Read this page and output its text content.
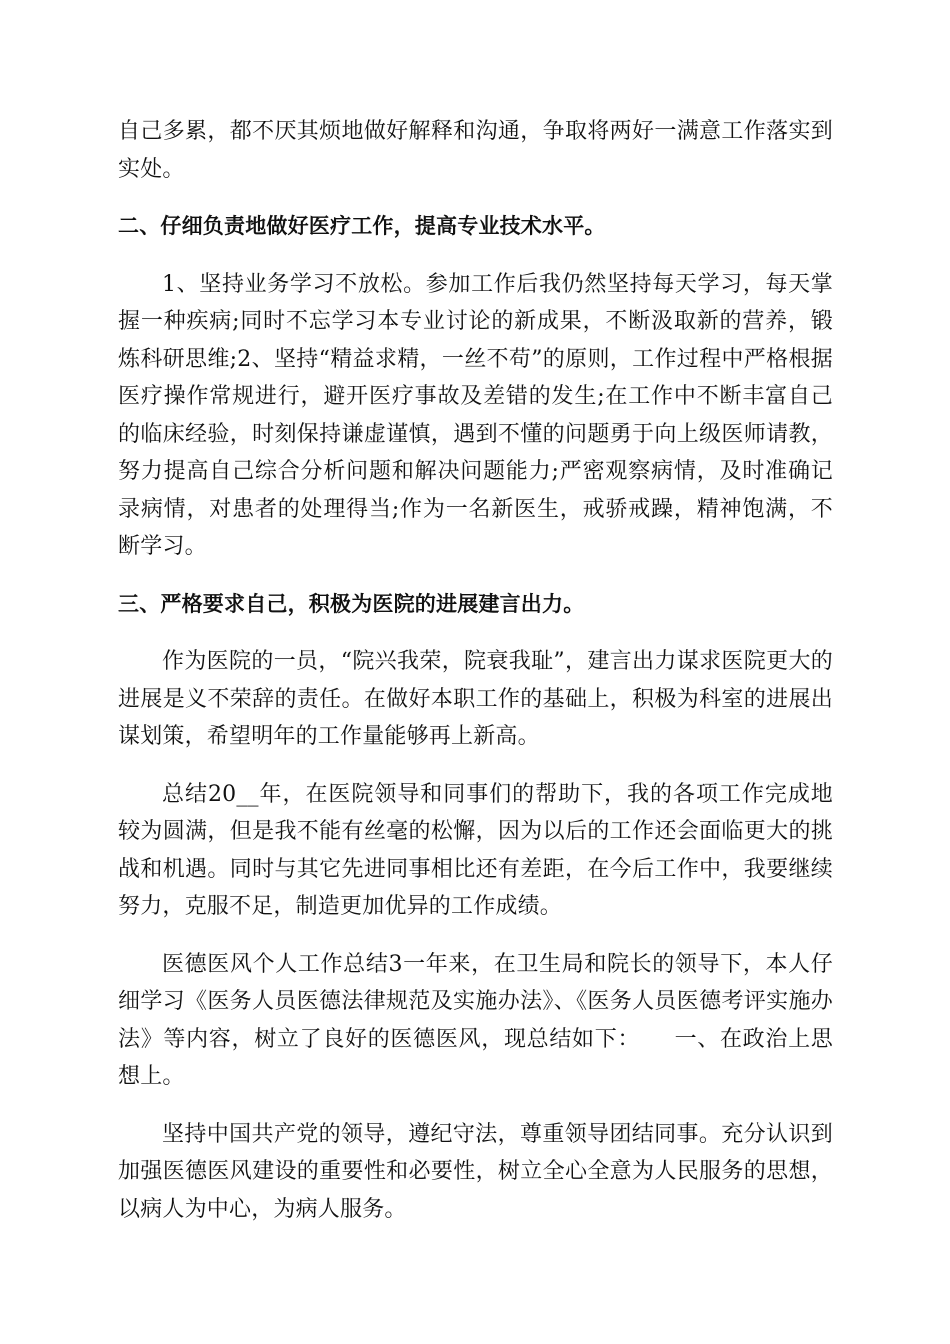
自己多累，都不厌其烦地做好解释和沟通，争取将两好一满意工作落实到实处。

二、仔细负责地做好医疗工作，提高专业技术水平。

1、坚持业务学习不放松。参加工作后我仍然坚持每天学习，每天掌握一种疾病;同时不忘学习本专业讨论的新成果，不断汲取新的营养，锻炼科研思维;2、坚持“精益求精，一丝不苟”的原则，工作过程中严格根据医疗操作常规进行，避开医疗事故及差错的发生;在工作中不断丰富自己的临床经验，时刻保持谦虚谨慎，遇到不懂的问题勇于向上级医师请教，努力提高自己综合分析问题和解决问题能力;严密观察病情，及时准确记录病情，对患者的处理得当;作为一名新医生，戒骄戒躁，精神饱满，不断学习。

三、严格要求自己，积极为医院的进展建言出力。

作为医院的一员，“院兴我荣，院衰我耻”，建言出力谋求医院更大的进展是义不荣辞的责任。在做好本职工作的基础上，积极为科室的进展出谋划策，希望明年的工作量能够再上新高。

总结20__年，在医院领导和同事们的帮助下，我的各项工作完成地较为圆满，但是我不能有丝毫的松懈，因为以后的工作还会面临更大的挑战和机遇。同时与其它先进同事相比还有差距，在今后工作中，我要继续努力，克服不足，制造更加优异的工作成绩。

医德医风个人工作总结3一年来，在卫生局和院长的领导下，本人仔细学习《医务人员医德法律规范及实施办法》、《医务人员医德考评实施办法》等内容，树立了良好的医德医风，现总结如下：　　一、在政治上思想上。

坚持中国共产党的领导，遵纪守法，尊重领导团结同事。充分认识到加强医德医风建设的重要性和必要性，树立全心全意为人民服务的思想，以病人为中心，为病人服务。
